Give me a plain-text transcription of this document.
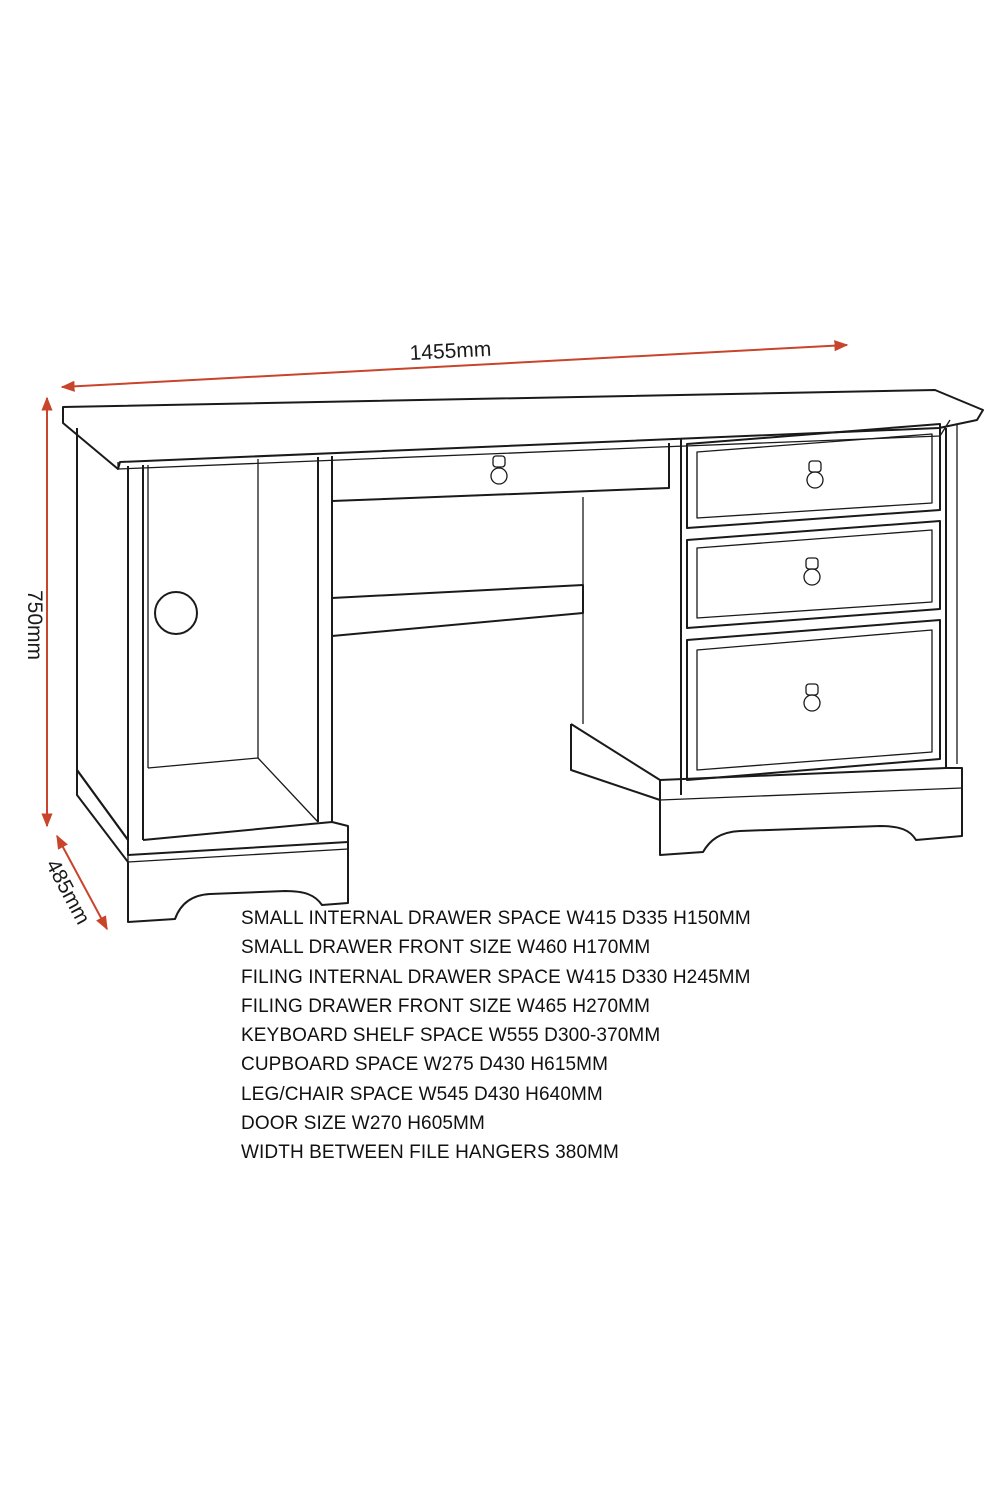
1455mm
750mm
485mm	SMALL INTERNAL DRAWER SPACE W415 D335 H150MM
SMALL DRAWER FRONT SIZE W460 H170MM
FILING INTERNAL DRAWER SPACE W415 D330 H245MM
FILING DRAWER FRONT SIZE W465 H270MM
KEYBOARD SHELF SPACE W555 D300-370MM
CUPBOARD SPACE W275 D430 H615MM
LEG/CHAIR SPACE W545 D430 H640MM
DOOR SIZE W270 H605MM
WIDTH BETWEEN FILE HANGERS 380MM
